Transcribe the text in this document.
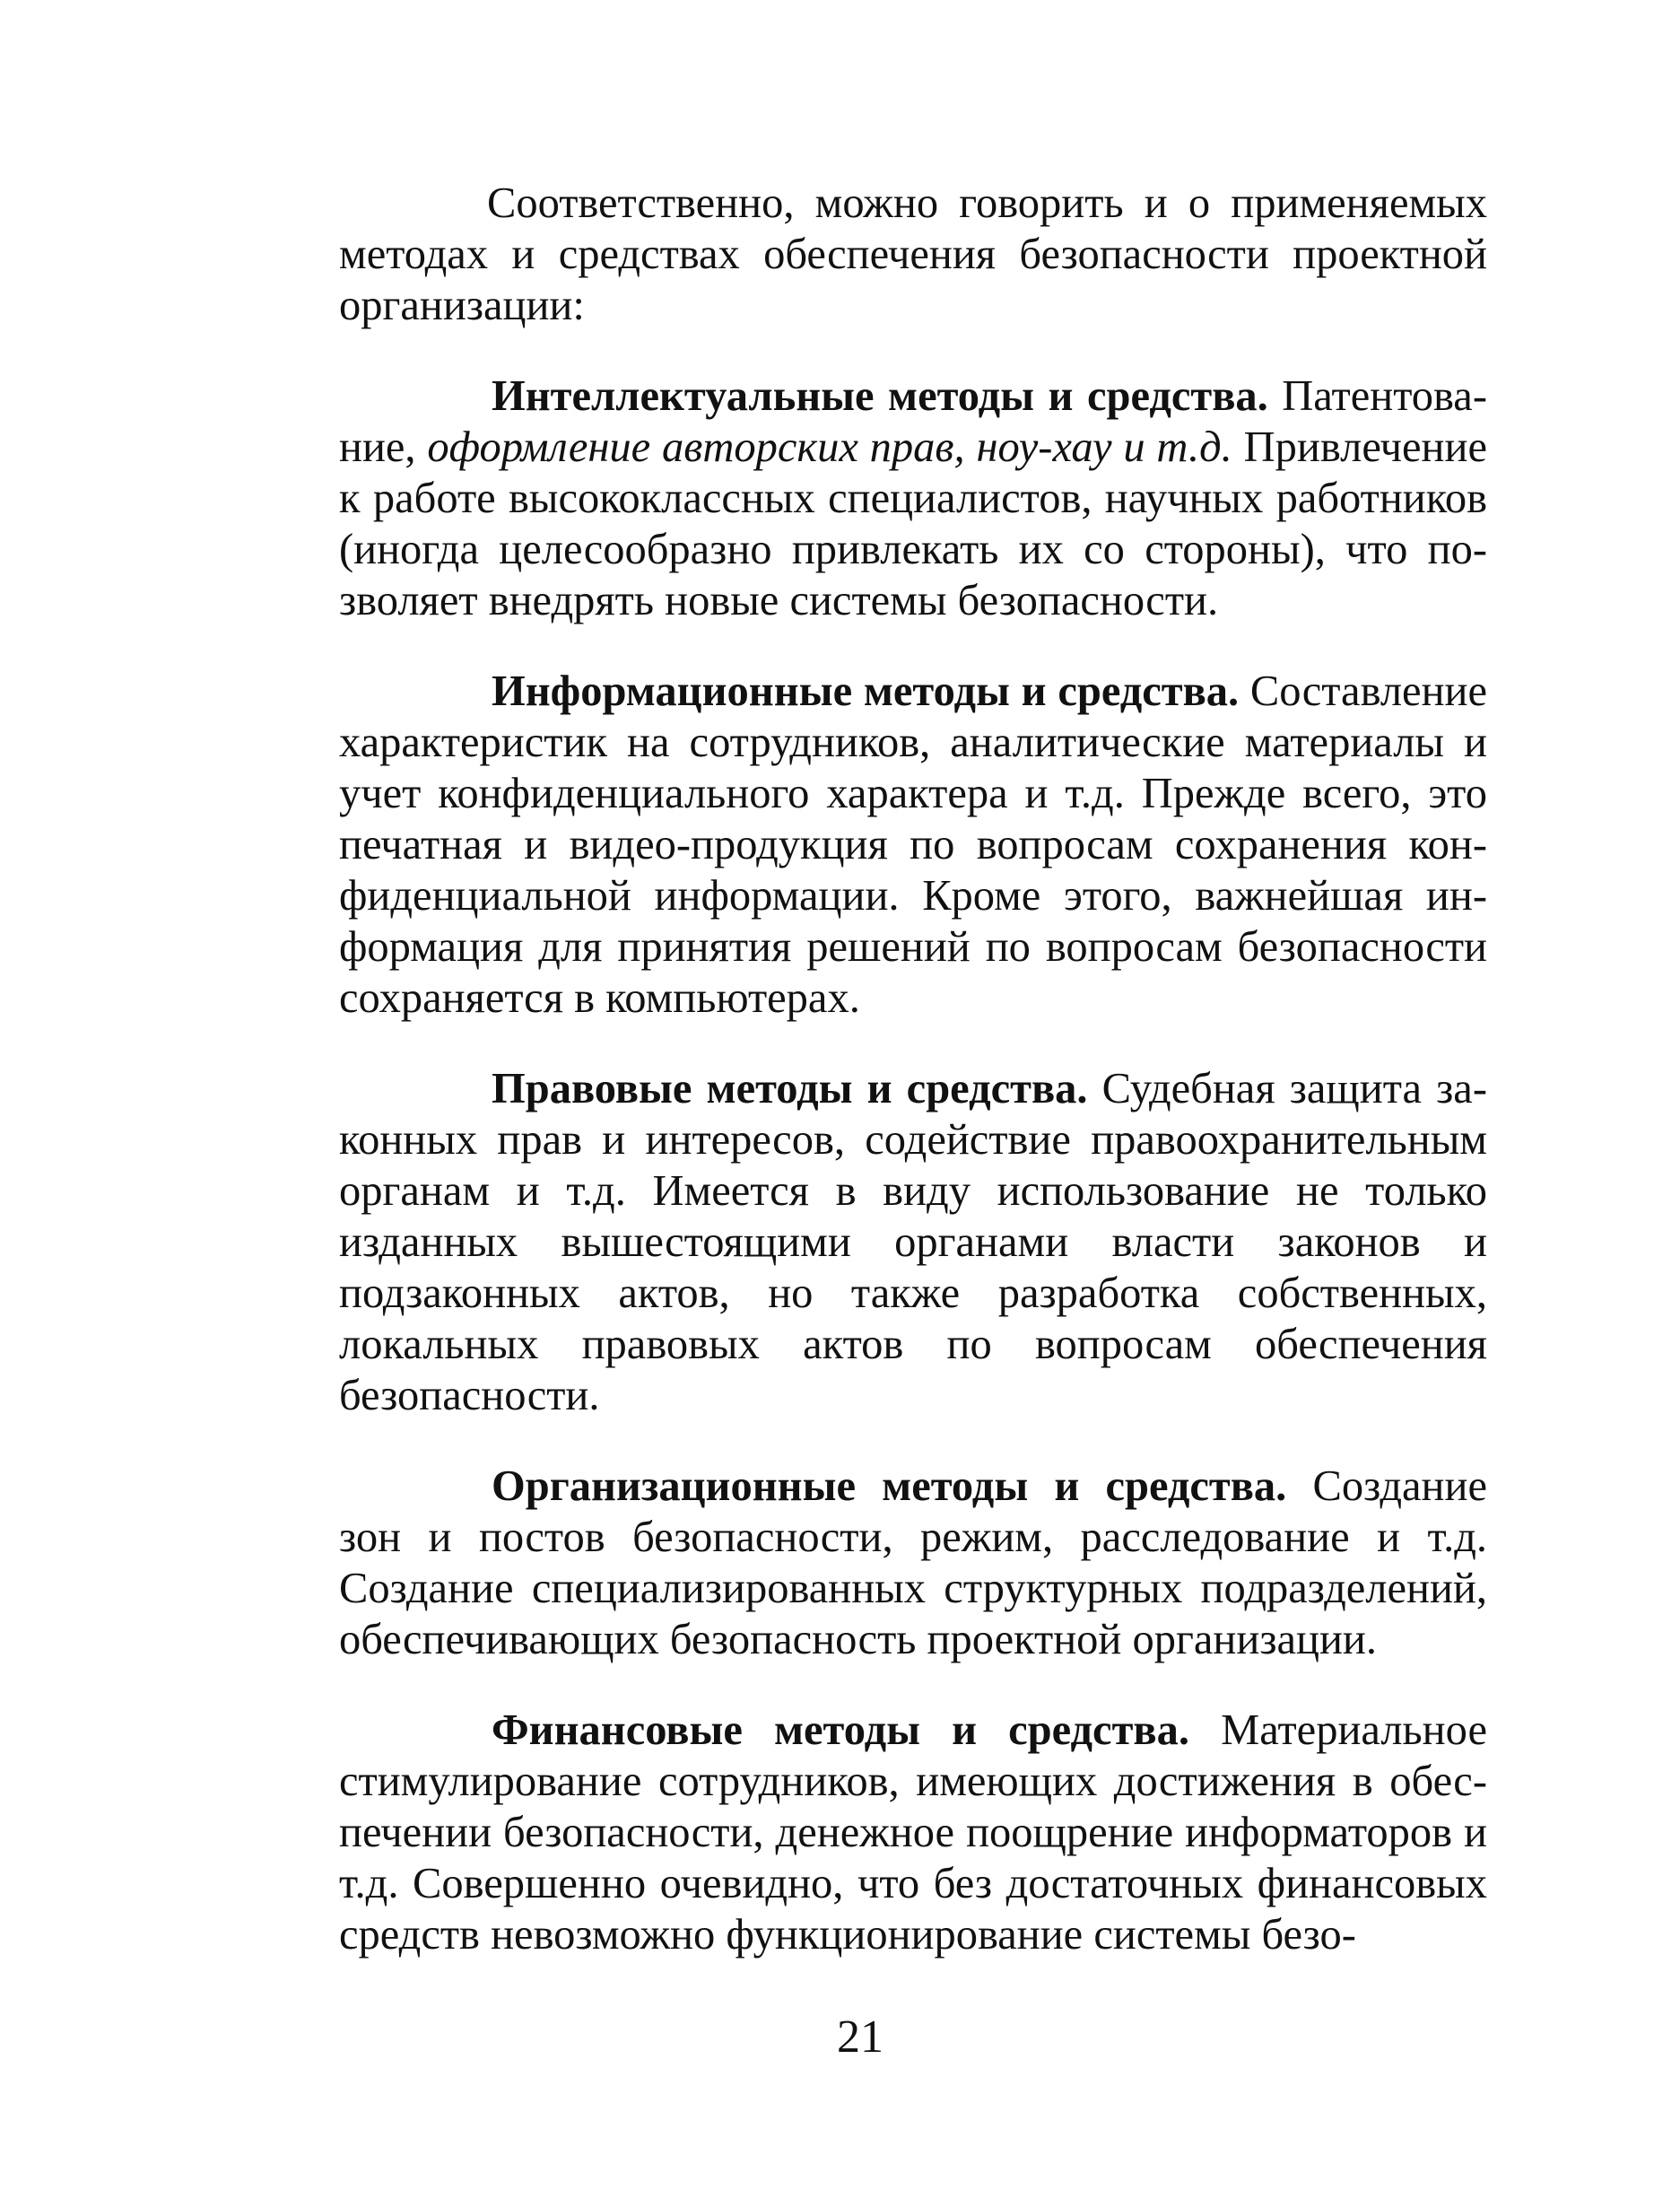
Соответственно, можно говорить и о применяемых методах и средствах обеспечения безопасности проектной организации:

Интеллектуальные методы и средства. Патентование, оформление авторских прав, ноу-хау и т.д. Привлечение к работе высококлассных специалистов, научных работников (иногда целесообразно привлекать их со стороны), что позволяет внедрять новые системы безопасности.

Информационные методы и средства. Составление характеристик на сотрудников, аналитические материалы и учет конфиденциального характера и т.д. Прежде всего, это печатная и видео-продукция по вопросам сохранения конфиденциальной информации. Кроме этого, важнейшая информация для принятия решений по вопросам безопасности сохраняется в компьютерах.

Правовые методы и средства. Судебная защита законных прав и интересов, содействие правоохранительным органам и т.д. Имеется в виду использование не только изданных вышестоящими органами власти законов и подзаконных актов, но также разработка собственных, локальных правовых актов по вопросам обеспечения безопасности.

Организационные методы и средства. Создание зон и постов безопасности, режим, расследование и т.д. Создание специализированных структурных подразделений, обеспечивающих безопасность проектной организации.

Финансовые методы и средства. Материальное стимулирование сотрудников, имеющих достижения в обеспечении безопасности, денежное поощрение информаторов и т.д. Совершенно очевидно, что без достаточных финансовых средств невозможно функционирование системы безо-

21
